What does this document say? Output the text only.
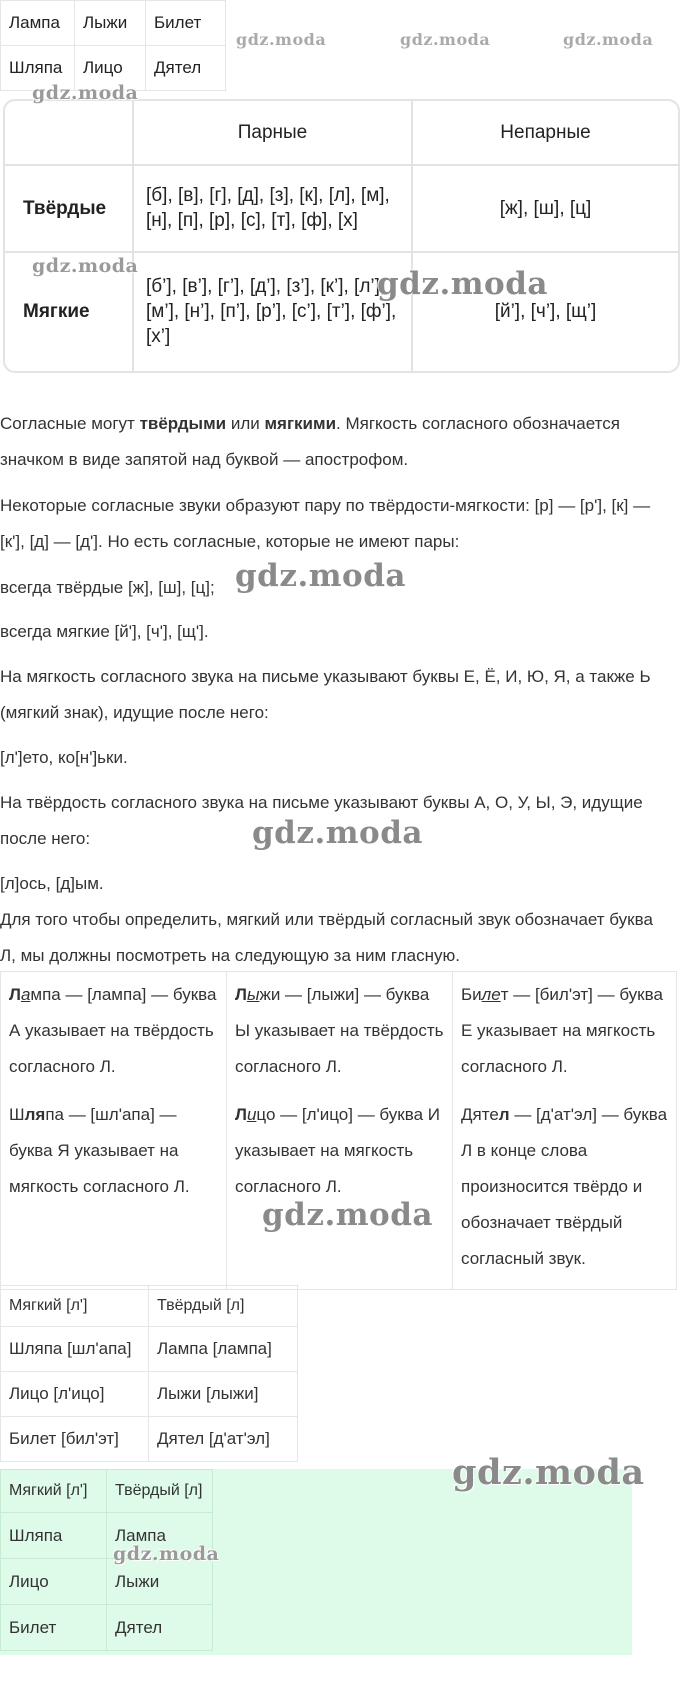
Лампа	Лыжи	Билет
Шляпа	Лицо	Дятел
	Парные	Непарные
Твёрдые	[б], [в], [г], [д], [з], [к], [л], [м], [н], [п], [р], [с], [т], [ф], [х]	[ж], [ш], [ц]
Мягкие	[б’], [в’], [г’], [д’], [з’], [к’], [л’], [м’], [н’], [п’], [р’], [с’], [т’], [ф’], [х’]	[й’], [ч’], [щ’]

Согласные могут твёрдыми или мягкими. Мягкость согласного обозначается значком в виде запятой над буквой — апострофом.

Некоторые согласные звуки образуют пару по твёрдости-мягкости: [р] — [р'], [к] —[к'], [д] — [д']. Но есть согласные, которые не имеют пары:

всегда твёрдые [ж], [ш], [ц];

всегда мягкие [й'], [ч'], [щ'].

На мягкость согласного звука на письме указывают буквы Е, Ё, И, Ю, Я, а также Ь (мягкий знак), идущие после него:

[л']ето, ко[н']ьки.

На твёрдость согласного звука на письме указывают буквы А, О, У, Ы, Э, идущие после него:

[л]ось, [д]ым.

Для того чтобы определить, мягкий или твёрдый согласный звук обозначает буква Л, мы должны посмотреть на следующую за ним гласную.

Лампа — [лампа] — буква А указывает на твёрдость согласного Л.
Шляпа — [шл'апа] — буква Я указывает на мягкость согласного Л.

Лыжи — [лыжи] — буква Ы указывает на твёрдость согласного Л.
Лицо — [л'ицо] — буква И указывает на мягкость согласного Л.

Билет — [бил'эт] — буква Е указывает на мягкость согласного Л.
Дятел — [д'ат'эл] — буква Л в конце слова произносится твёрдо и обозначает твёрдый согласный звук.
Мягкий [л']	Твёрдый [л]
Шляпа [шл'апа]	Лампа [лампа]
Лицо [л'ицо]	Лыжи [лыжи]
Билет [бил'эт]	Дятел [д'ат'эл]
Мягкий [л']	Твёрдый [л]
Шляпа	Лампа
Лицо	Лыжи
Билет	Дятел
gdz.moda	gdz.moda	gdz.moda
gdz.moda
gdz.moda	gdz.moda
gdz.moda
gdz.moda
gdz.moda
gdz.moda
gdz.moda
